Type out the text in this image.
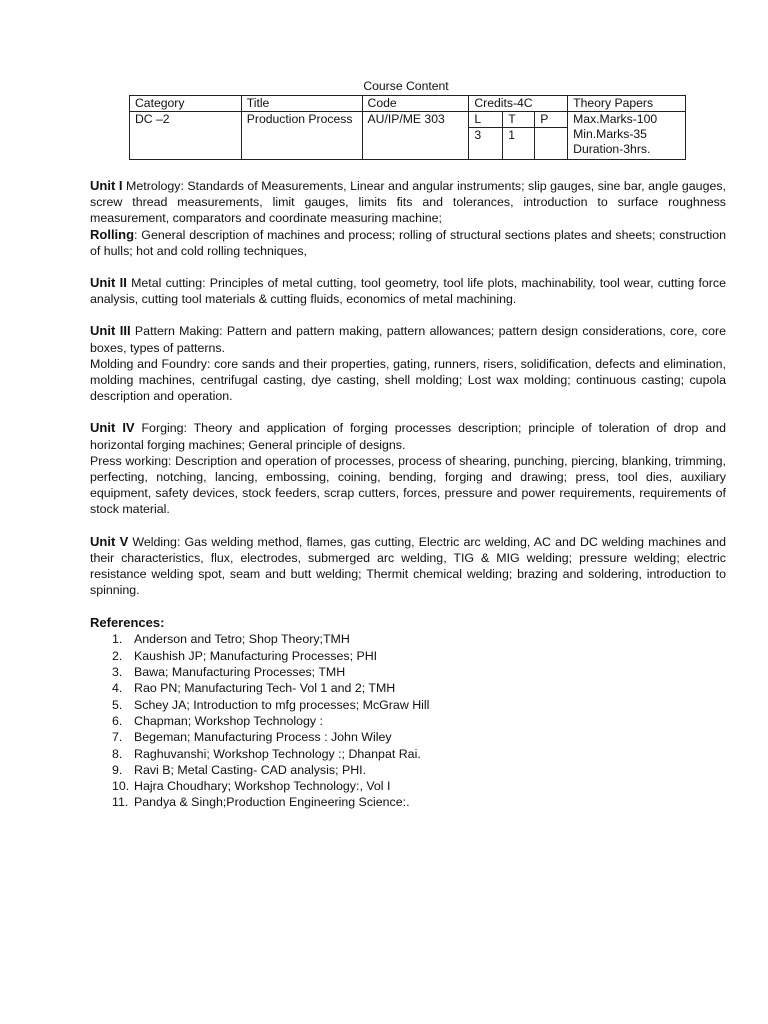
Course Content
Category	Title	Code	Credits-4C			Theory Papers
DC –2	Production Process	AU/IP/ME 303	L	T	P	Max.Marks-100
Min.Marks-35
Duration-3hrs.

			3	1		

Unit I Metrology: Standards of Measurements, Linear and angular instruments; slip gauges, sine bar, angle gauges, screw thread measurements, limit gauges, limits fits and tolerances, introduction to surface roughness measurement, comparators and coordinate measuring machine;

Rolling: General description of machines and process; rolling of structural sections plates and sheets; construction of hulls; hot and cold rolling techniques,

Unit II Metal cutting: Principles of metal cutting, tool geometry, tool life plots, machinability, tool wear, cutting force analysis, cutting tool materials & cutting fluids, economics of metal machining.

Unit III Pattern Making: Pattern and pattern making, pattern allowances; pattern design considerations, core, core boxes, types of patterns.

Molding and Foundry: core sands and their properties, gating, runners, risers, solidification, defects and elimination, molding machines, centrifugal casting, dye casting, shell molding; Lost wax molding; continuous casting; cupola description and operation.

Unit IV Forging: Theory and application of forging processes description; principle of toleration of drop and horizontal forging machines; General principle of designs.

Press working: Description and operation of processes, process of shearing, punching, piercing, blanking, trimming, perfecting, notching, lancing, embossing, coining, bending, forging and drawing; press, tool dies, auxiliary equipment, safety devices, stock feeders, scrap cutters, forces, pressure and power requirements, requirements of stock material.

Unit V Welding: Gas welding method, flames, gas cutting, Electric arc welding, AC and DC welding machines and their characteristics, flux, electrodes, submerged arc welding, TIG & MIG welding; pressure welding; electric resistance welding spot, seam and butt welding; Thermit chemical welding; brazing and soldering, introduction to spinning.

References:
1. Anderson and Tetro; Shop Theory;TMH
2. Kaushish JP; Manufacturing Processes; PHI
3. Bawa; Manufacturing Processes; TMH
4. Rao PN; Manufacturing Tech- Vol 1 and 2; TMH
5. Schey JA; Introduction to mfg processes; McGraw Hill
6. Chapman; Workshop Technology :
7. Begeman; Manufacturing Process : John Wiley
8. Raghuvanshi; Workshop Technology :; Dhanpat Rai.
9. Ravi B; Metal Casting- CAD analysis; PHI.
10. Hajra Choudhary; Workshop Technology:, Vol I
11. Pandya & Singh;Production Engineering Science:.
